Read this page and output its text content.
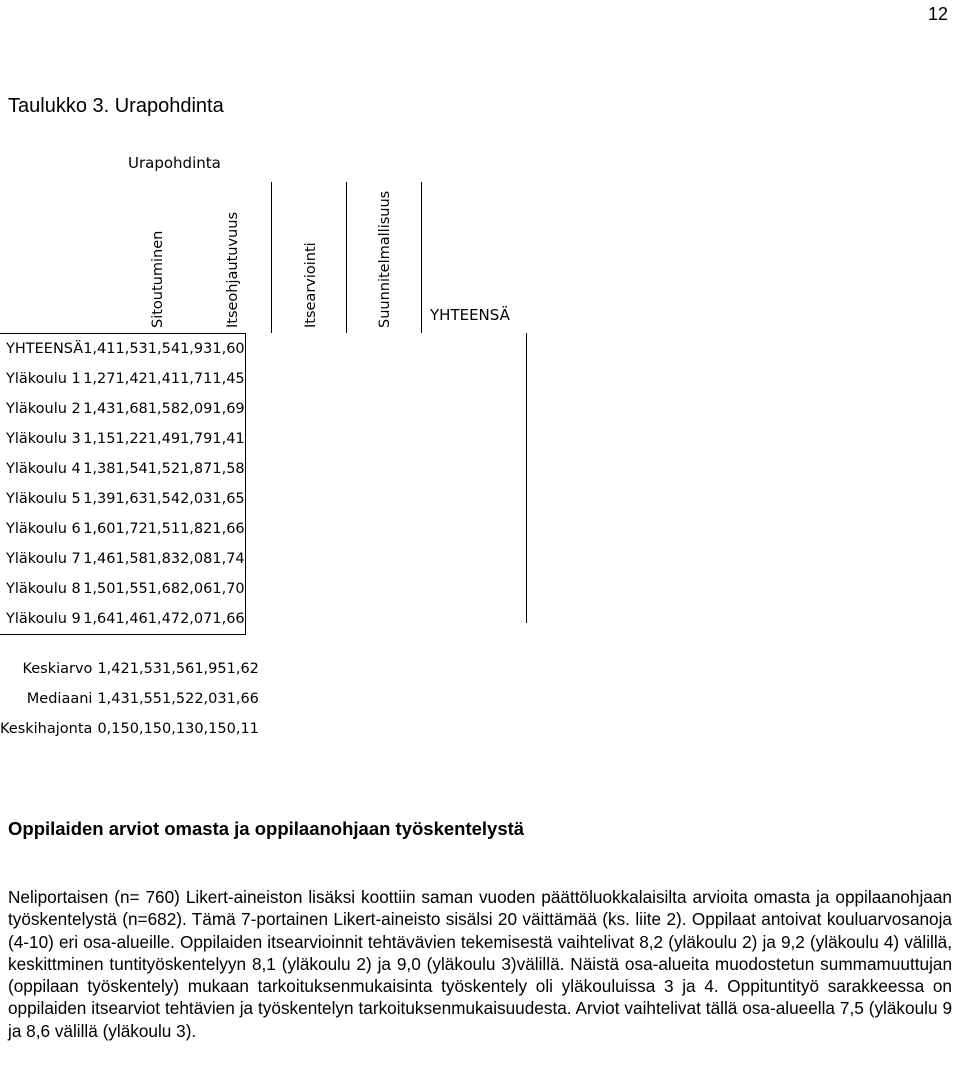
12
Taulukko 3. Urapohdinta
Urapohdinta
Sitoutuminen	Itseohjautuvuus	Itsearviointi	Suunnitelmallisuus	YHTEENSÄ
YHTEENSÄ	1,41	1,53	1,54	1,93	1,60
Yläkoulu 1	1,27	1,42	1,41	1,71	1,45
Yläkoulu 2	1,43	1,68	1,58	2,09	1,69
Yläkoulu 3	1,15	1,22	1,49	1,79	1,41
Yläkoulu 4	1,38	1,54	1,52	1,87	1,58
Yläkoulu 5	1,39	1,63	1,54	2,03	1,65
Yläkoulu 6	1,60	1,72	1,51	1,82	1,66
Yläkoulu 7	1,46	1,58	1,83	2,08	1,74
Yläkoulu 8	1,50	1,55	1,68	2,06	1,70
Yläkoulu 9	1,64	1,46	1,47	2,07	1,66
Keskiarvo	1,42	1,53	1,56	1,95	1,62
Mediaani	1,43	1,55	1,52	2,03	1,66
Keskihajonta	0,15	0,15	0,13	0,15	0,11
Oppilaiden arviot omasta ja oppilaanohjaan työskentelystä
Neliportaisen (n= 760) Likert-aineiston lisäksi koottiin saman vuoden päättöluokkalaisilta arvioita omasta ja oppilaanohjaan työskentelystä (n=682). Tämä 7-portainen Likert-aineisto sisälsi 20 väittämää (ks. liite 2). Oppilaat antoivat kouluarvosanoja (4-10) eri osa-alueille. Oppilaiden itsearvioinnit tehtävävien tekemisestä vaihtelivat 8,2 (yläkoulu 2) ja 9,2 (yläkoulu 4) välillä, keskittminen tuntityöskentelyyn 8,1 (yläkoulu 2) ja 9,0 (yläkoulu 3)välillä. Näistä osa-alueita muodostetun summamuuttujan (oppilaan työskentely) mukaan tarkoituksenmukaisinta työskentely oli yläkouluissa 3 ja 4. Oppituntityö sarakkeessa on oppilaiden itsearviot tehtävien ja työskentelyn tarkoituksenmukaisuudesta. Arviot vaihtelivat tällä osa-alueella 7,5 (yläkoulu 9 ja 8,6 välillä (yläkoulu 3).
